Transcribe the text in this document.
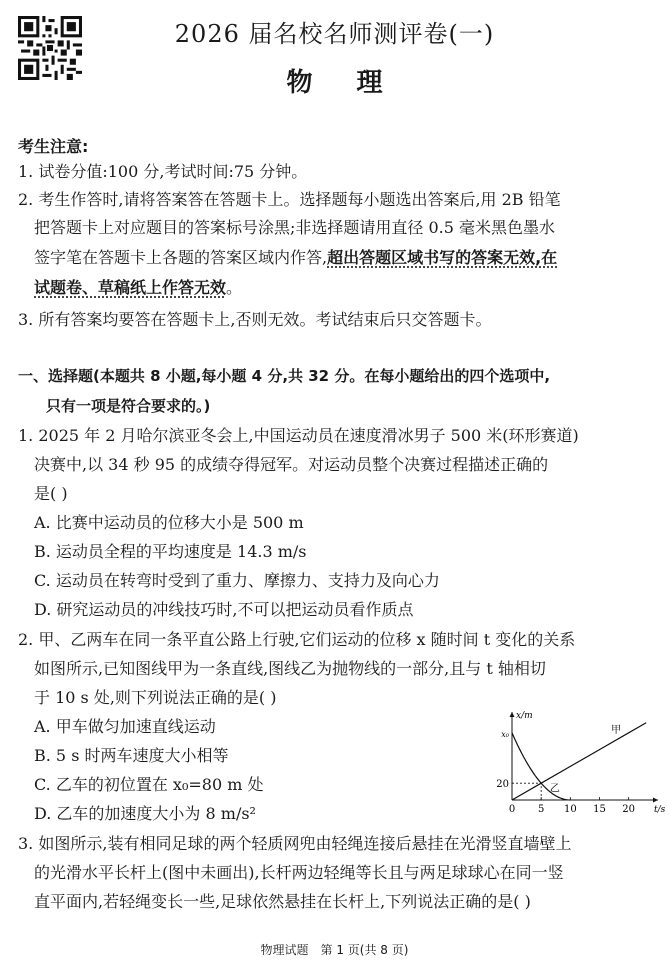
2026 届名校名师测评卷(一)
物 理
考生注意:
1. 试卷分值:100 分,考试时间:75 分钟。
2. 考生作答时,请将答案答在答题卡上。选择题每小题选出答案后,用 2B 铅笔
把答题卡上对应题目的答案标号涂黑;非选择题请用直径 0.5 毫米黑色墨水
签字笔在答题卡上各题的答案区域内作答,超出答题区域书写的答案无效,在
试题卷、草稿纸上作答无效。
3. 所有答案均要答在答题卡上,否则无效。考试结束后只交答题卡。
一、选择题(本题共 8 小题,每小题 4 分,共 32 分。在每小题给出的四个选项中,
只有一项是符合要求的。)
1. 2025 年 2 月哈尔滨亚冬会上,中国运动员在速度滑冰男子 500 米(环形赛道)
决赛中,以 34 秒 95 的成绩夺得冠军。对运动员整个决赛过程描述正确的
是( )
A. 比赛中运动员的位移大小是 500 m
B. 运动员全程的平均速度是 14.3 m/s
C. 运动员在转弯时受到了重力、摩擦力、支持力及向心力
D. 研究运动员的冲线技巧时,不可以把运动员看作质点
2. 甲、乙两车在同一条平直公路上行驶,它们运动的位移 x 随时间 t 变化的关系
如图所示,已知图线甲为一条直线,图线乙为抛物线的一部分,且与 t 轴相切
于 10 s 处,则下列说法正确的是( )
A. 甲车做匀加速直线运动
B. 5 s 时两车速度大小相等
C. 乙车的初位置在 x₀=80 m 处
D. 乙车的加速度大小为 8 m/s²
x/m
t/s
0 5 10 15 20
20
x₀	甲
乙
3. 如图所示,装有相同足球的两个轻质网兜由轻绳连接后悬挂在光滑竖直墙壁上
的光滑水平长杆上(图中未画出),长杆两边轻绳等长且与两足球球心在同一竖
直平面内,若轻绳变长一些,足球依然悬挂在长杆上,下列说法正确的是( )
物理试题　第 1 页(共 8 页)
